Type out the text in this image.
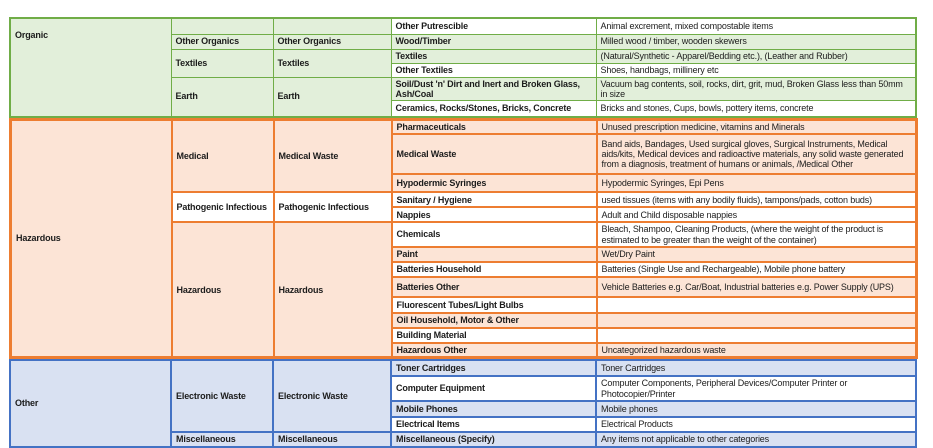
Organic			Other Putrescible	Animal excrement, mixed compostable items
	Other Organics	Other Organics	Wood/Timber	Milled wood / timber, wooden skewers
	Textiles	Textiles	Textiles	(Natural/Synthetic - Apparel/Bedding etc.), (Leather and Rubber)
			Other Textiles	Shoes, handbags, millinery etc
	Earth	Earth	Soil/Dust 'n' Dirt and Inert and Broken Glass, Ash/Coal	Vacuum bag contents, soil, rocks, dirt, grit, mud, Broken Glass less than 50mm in size
			Ceramics, Rocks/Stones, Bricks, Concrete	Bricks and stones, Cups, bowls, pottery items, concrete
Hazardous	Medical	Medical Waste	Pharmaceuticals	Unused prescription medicine, vitamins and Minerals
			Medical Waste	Band aids, Bandages, Used surgical gloves, Surgical Instruments, Medical aids/kits, Medical devices and radioactive materials, any solid waste generated from a diagnosis, treatment of humans or animals, /Medical Other
			Hypodermic Syringes	Hypodermic Syringes, Epi Pens
	Pathogenic Infectious	Pathogenic Infectious	Sanitary / Hygiene	used tissues (items with any bodily fluids), tampons/pads, cotton buds)
			Nappies	Adult and Child disposable nappies
	Hazardous	Hazardous	Chemicals	Bleach, Shampoo, Cleaning Products, (where the weight of the product is estimated to be greater than the weight of the container)
			Paint	Wet/Dry Paint
			Batteries Household	Batteries (Single Use and Rechargeable), Mobile phone battery
			Batteries Other	Vehicle Batteries e.g. Car/Boat, Industrial batteries e.g. Power Supply (UPS)
			Fluorescent Tubes/Light Bulbs	
			Oil Household, Motor & Other	
			Building Material	
			Hazardous Other	Uncategorized hazardous waste
Other	Electronic Waste	Electronic Waste	Toner Cartridges	Toner Cartridges
			Computer Equipment	Computer Components, Peripheral Devices/Computer Printer or Photocopier/Printer
			Mobile Phones	Mobile phones
			Electrical Items	Electrical Products
	Miscellaneous	Miscellaneous	Miscellaneous (Specify)	Any items not applicable to other categories
